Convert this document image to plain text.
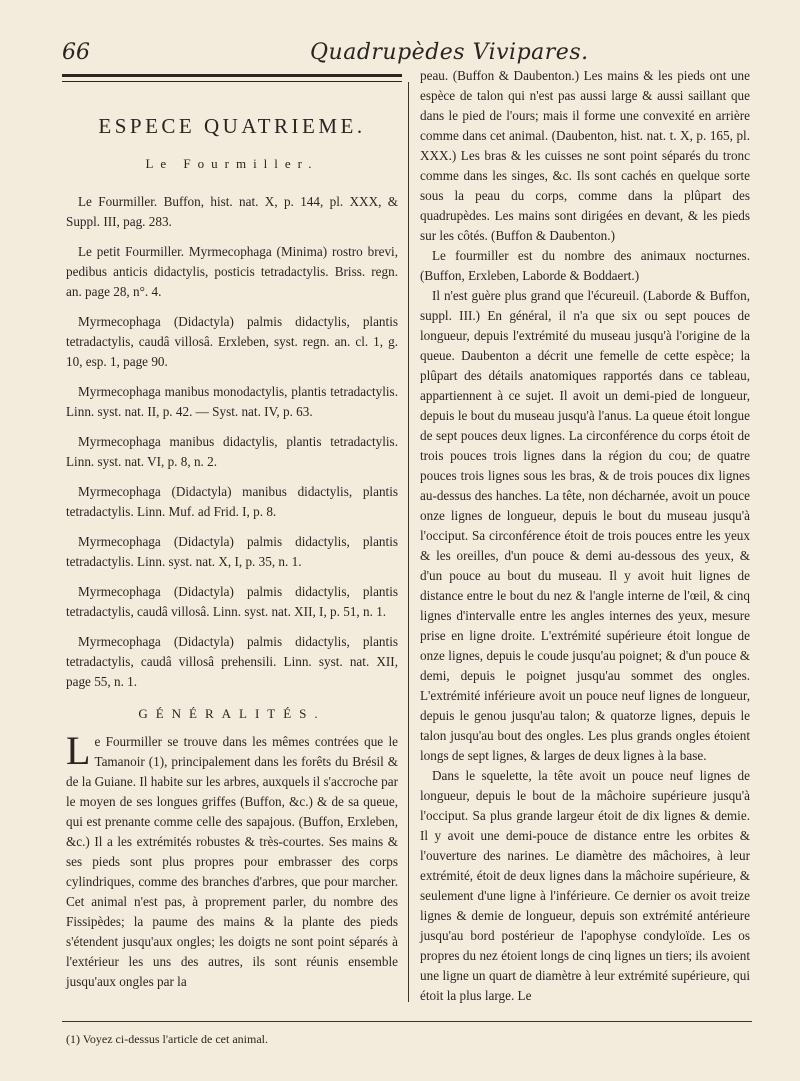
66	Quadrupèdes Vivipares.
ESPECE QUATRIEME.
Le Fourmiller.

Le Fourmiller. Buffon, hist. nat. X, p. 144, pl. XXX, & Suppl. III, pag. 283.

Le petit Fourmiller. Myrmecophaga (Minima) rostro brevi, pedibus anticis didactylis, posticis tetradactylis. Briss. regn. an. page 28, n°. 4.

Myrmecophaga (Didactyla) palmis didactylis, plantis tetradactylis, caudâ villosâ. Erxleben, syst. regn. an. cl. 1, g. 10, esp. 1, page 90.

Myrmecophaga manibus monodactylis, plantis tetradactylis. Linn. syst. nat. II, p. 42. — Syst. nat. IV, p. 63.

Myrmecophaga manibus didactylis, plantis tetradactylis. Linn. syst. nat. VI, p. 8, n. 2.

Myrmecophaga (Didactyla) manibus didactylis, plantis tetradactylis. Linn. Muf. ad Frid. I, p. 8.

Myrmecophaga (Didactyla) palmis didactylis, plantis tetradactylis. Linn. syst. nat. X, I, p. 35, n. 1.

Myrmecophaga (Didactyla) palmis didactylis, plantis tetradactylis, caudâ villosâ. Linn. syst. nat. XII, I, p. 51, n. 1.

Myrmecophaga (Didactyla) palmis didactylis, plantis tetradactylis, caudâ villosâ prehensili. Linn. syst. nat. XII, page 55, n. 1.

GÉNÉRALITÉS.

Le Fourmiller se trouve dans les mêmes contrées que le Tamanoir (1), principalement dans les forêts du Brésil & de la Guiane. Il habite sur les arbres, auxquels il s'accroche par le moyen de ses longues griffes (Buffon, &c.) & de sa queue, qui est prenante comme celle des sapajous. (Buffon, Erxleben, &c.) Il a les extrémités robustes & très-courtes. Ses mains & ses pieds sont plus propres pour embrasser des corps cylindriques, comme des branches d'arbres, que pour marcher. Cet animal n'est pas, à proprement parler, du nombre des Fissipèdes; la paume des mains & la plante des pieds s'étendent jusqu'aux ongles; les doigts ne sont point séparés à l'extérieur les uns des autres, ils sont réunis ensemble jusqu'aux ongles par la

peau. (Buffon & Daubenton.) Les mains & les pieds ont une espèce de talon qui n'est pas aussi large & aussi saillant que dans le pied de l'ours; mais il forme une convexité en arrière comme dans cet animal. (Daubenton, hist. nat. t. X, p. 165, pl. XXX.) Les bras & les cuisses ne sont point séparés du tronc comme dans les singes, &c. Ils sont cachés en quelque sorte sous la peau du corps, comme dans la plûpart des quadrupèdes. Les mains sont dirigées en devant, & les pieds sur les côtés. (Buffon & Daubenton.)

Le fourmiller est du nombre des animaux nocturnes. (Buffon, Erxleben, Laborde & Boddaert.)

Il n'est guère plus grand que l'écureuil. (Laborde & Buffon, suppl. III.) En général, il n'a que six ou sept pouces de longueur, depuis l'extrémité du museau jusqu'à l'origine de la queue. Daubenton a décrit une femelle de cette espèce; la plûpart des détails anatomiques rapportés dans ce tableau, appartiennent à ce sujet. Il avoit un demi-pied de longueur, depuis le bout du museau jusqu'à l'anus. La queue étoit longue de sept pouces deux lignes. La circonférence du corps étoit de trois pouces trois lignes dans la région du cou; de quatre pouces trois lignes sous les bras, & de trois pouces dix lignes au-dessus des hanches. La tête, non décharnée, avoit un pouce onze lignes de longueur, depuis le bout du museau jusqu'à l'occiput. Sa circonférence étoit de trois pouces entre les yeux & les oreilles, d'un pouce & demi au-dessous des yeux, & d'un pouce au bout du museau. Il y avoit huit lignes de distance entre le bout du nez & l'angle interne de l'œil, & cinq lignes d'intervalle entre les angles internes des yeux, mesure prise en ligne droite. L'extrémité supérieure étoit longue de onze lignes, depuis le coude jusqu'au poignet; & d'un pouce & demi, depuis le poignet jusqu'au sommet des ongles. L'extrémité inférieure avoit un pouce neuf lignes de longueur, depuis le genou jusqu'au talon; & quatorze lignes, depuis le talon jusqu'au bout des ongles. Les plus grands ongles étoient longs de sept lignes, & larges de deux lignes à la base.

Dans le squelette, la tête avoit un pouce neuf lignes de longueur, depuis le bout de la mâchoire supérieure jusqu'à l'occiput. Sa plus grande largeur étoit de dix lignes & demie. Il y avoit une demi-pouce de distance entre les orbites & l'ouverture des narines. Le diamètre des mâchoires, à leur extrémité, étoit de deux lignes dans la mâchoire supérieure, & seulement d'une ligne à l'inférieure. Ce dernier os avoit treize lignes & demie de longueur, depuis son extrémité antérieure jusqu'au bord postérieur de l'apophyse condyloïde. Les os propres du nez étoient longs de cinq lignes un tiers; ils avoient une ligne un quart de diamètre à leur extrémité supérieure, qui étoit la plus large. Le

(1) Voyez ci-dessus l'article de cet animal.
